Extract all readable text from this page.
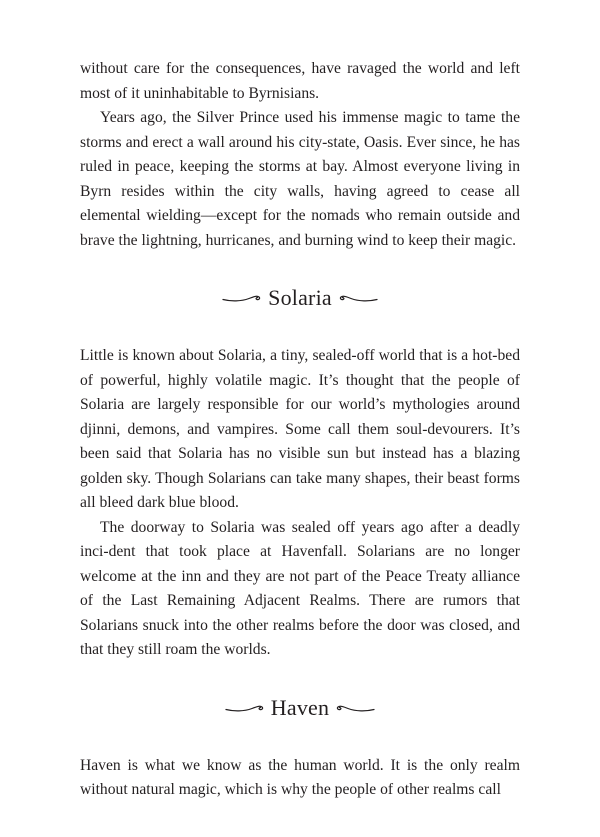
without care for the consequences, have ravaged the world and left most of it uninhabitable to Byrnisians.

Years ago, the Silver Prince used his immense magic to tame the storms and erect a wall around his city-state, Oasis. Ever since, he has ruled in peace, keeping the storms at bay. Almost everyone living in Byrn resides within the city walls, having agreed to cease all elemental wielding—except for the nomads who remain outside and brave the lightning, hurricanes, and burning wind to keep their magic.

Solaria

Little is known about Solaria, a tiny, sealed-off world that is a hot-bed of powerful, highly volatile magic. It’s thought that the people of Solaria are largely responsible for our world’s mythologies around djinni, demons, and vampires. Some call them soul-devourers. It’s been said that Solaria has no visible sun but instead has a blazing golden sky. Though Solarians can take many shapes, their beast forms all bleed dark blue blood.

The doorway to Solaria was sealed off years ago after a deadly inci-dent that took place at Havenfall. Solarians are no longer welcome at the inn and they are not part of the Peace Treaty alliance of the Last Remaining Adjacent Realms. There are rumors that Solarians snuck into the other realms before the door was closed, and that they still roam the worlds.

Haven

Haven is what we know as the human world. It is the only realm without natural magic, which is why the people of other realms call
